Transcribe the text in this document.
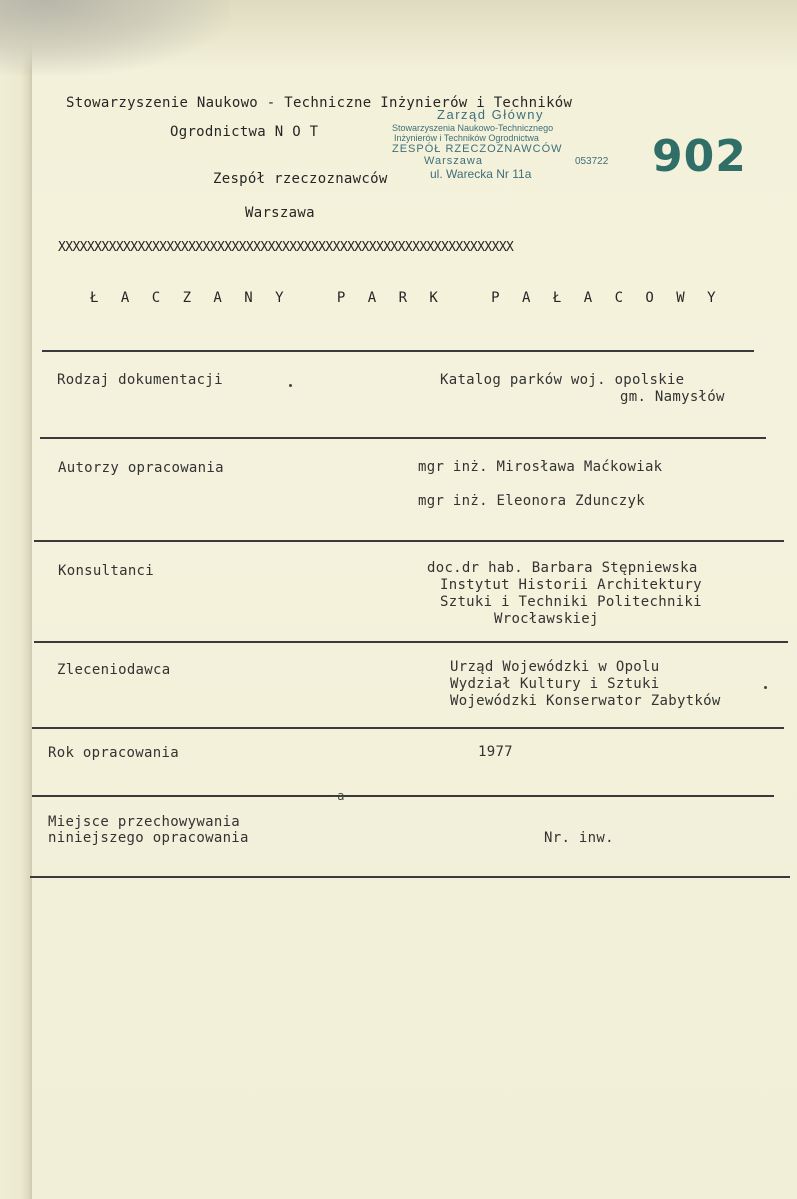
Stowarzyszenie Naukowo - Techniczne Inżynierów i Techników
Ogrodnictwa N O T
Zespół rzeczoznawców
Warszawa
XXXXXXXXXXXXXXXXXXXXXXXXXXXXXXXXXXXXXXXXXXXXXXXXXXXXXXXXXXXXXXX
Zarząd Główny
Stowarzyszenia Naukowo-Technicznego
Inżynierów i Techników Ogrodnictwa
ZESPÓŁ RZECZOZNAWCÓW
Warszawa	053722
ul. Warecka Nr 11a	902
Ł A C Z A N Y   P A R K   P A Ł A C O W Y
-a
Rodzaj dokumentacji	Katalog parków woj. opolskie
gm. Namysłów
Autorzy opracowania	mgr inż. Mirosława Maćkowiak
mgr inż. Eleonora Zdunczyk
Konsultanci	doc.dr hab. Barbara Stępniewska
Instytut Historii Architektury
Sztuki i Techniki Politechniki
Wrocławskiej
Zleceniodawca	Urząd Wojewódzki w Opolu
Wydział Kultury i Sztuki
Wojewódzki Konserwator Zabytków
Rok opracowania	1977
Miejsce przechowywania
niniejszego opracowania	Nr. inw.
